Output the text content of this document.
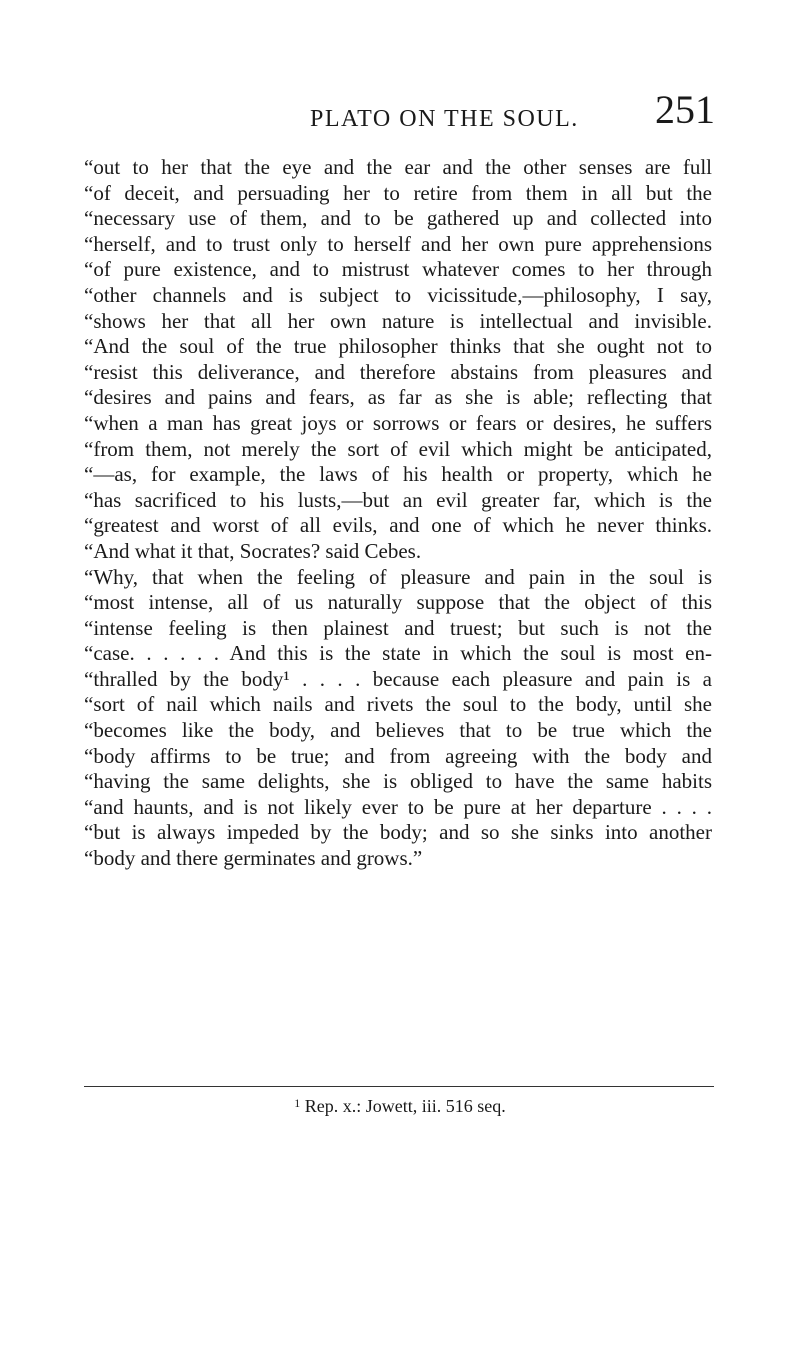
PLATO ON THE SOUL. 251
“out to her that the eye and the ear and the other senses are full
“of deceit, and persuading her to retire from them in all but the
“necessary use of them, and to be gathered up and collected into
“herself, and to trust only to herself and her own pure apprehensions
“of pure existence, and to mistrust whatever comes to her through
“other channels and is subject to vicissitude,—philosophy, I say,
“shows her that all her own nature is intellectual and invisible.
“And the soul of the true philosopher thinks that she ought not to
“resist this deliverance, and therefore abstains from pleasures and
“desires and pains and fears, as far as she is able; reflecting that
“when a man has great joys or sorrows or fears or desires, he suffers
“from them, not merely the sort of evil which might be anticipated,
“—as, for example, the laws of his health or property, which he
“has sacrificed to his lusts,—but an evil greater far, which is the
“greatest and worst of all evils, and one of which he never thinks.
“And what it that, Socrates? said Cebes.
“Why, that when the feeling of pleasure and pain in the soul is
“most intense, all of us naturally suppose that the object of this
“intense feeling is then plainest and truest; but such is not the
“case. . . . . . And this is the state in which the soul is most en-
“thralled by the body¹ . . . . because each pleasure and pain is a
“sort of nail which nails and rivets the soul to the body, until she
“becomes like the body, and believes that to be true which the
“body affirms to be true; and from agreeing with the body and
“having the same delights, she is obliged to have the same habits
“and haunts, and is not likely ever to be pure at her departure . . . .
“but is always impeded by the body; and so she sinks into another
“body and there germinates and grows.”
$^1$ Rep. x.: Jowett, iii. 516 seq.
